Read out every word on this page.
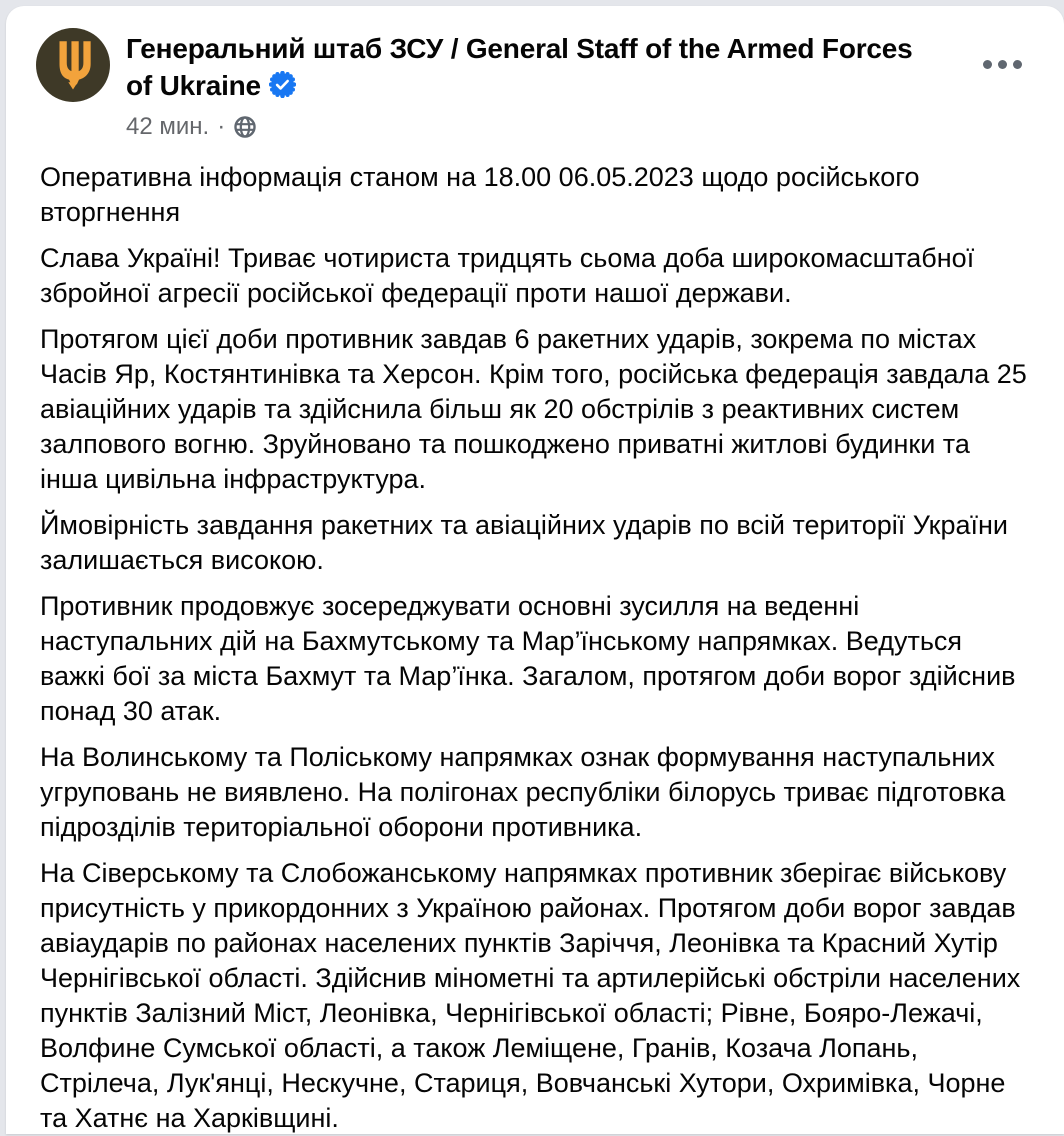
Генеральний штаб ЗСУ / General Staff of the Armed Forces of Ukraine
42 мин. ·

Оперативна інформація станом на 18.00 06.05.2023 щодо російського вторгнення

Слава Україні! Триває чотириста тридцять сьома доба широкомасштабної збройної агресії російської федерації проти нашої держави.

Протягом цієї доби противник завдав 6 ракетних ударів, зокрема по містах Часів Яр, Костянтинівка та Херсон. Крім того, російська федерація завдала 25 авіаційних ударів та здійснила більш як 20 обстрілів з реактивних систем залпового вогню. Зруйновано та пошкоджено приватні житлові будинки та інша цивільна інфраструктура.

Ймовірність завдання ракетних та авіаційних ударів по всій території України залишається високою.

Противник продовжує зосереджувати основні зусилля на веденні наступальних дій на Бахмутському та Мар’їнському напрямках. Ведуться важкі бої за міста Бахмут та Мар’їнка. Загалом, протягом доби ворог здійснив понад 30 атак.

На Волинському та Поліському напрямках ознак формування наступальних угруповань не виявлено. На полігонах республіки білорусь триває підготовка підрозділів територіальної оборони противника.

На Сіверському та Слобожанському напрямках противник зберігає військову присутність у прикордонних з Україною районах. Протягом доби ворог завдав авіаударів по районах населених пунктів Заріччя, Леонівка та Красний Хутір Чернігівської області. Здійснив мінометні та артилерійські обстріли населених пунктів Залізний Міст, Леонівка, Чернігівської області; Рівне, Бояро-Лежачі, Волфине Сумської області, а також Леміщене, Гранів, Козача Лопань, Стрілеча, Лук'янці, Нескучне, Стариця, Вовчанські Хутори, Охримівка, Чорне та Хатнє на Харківщині.
